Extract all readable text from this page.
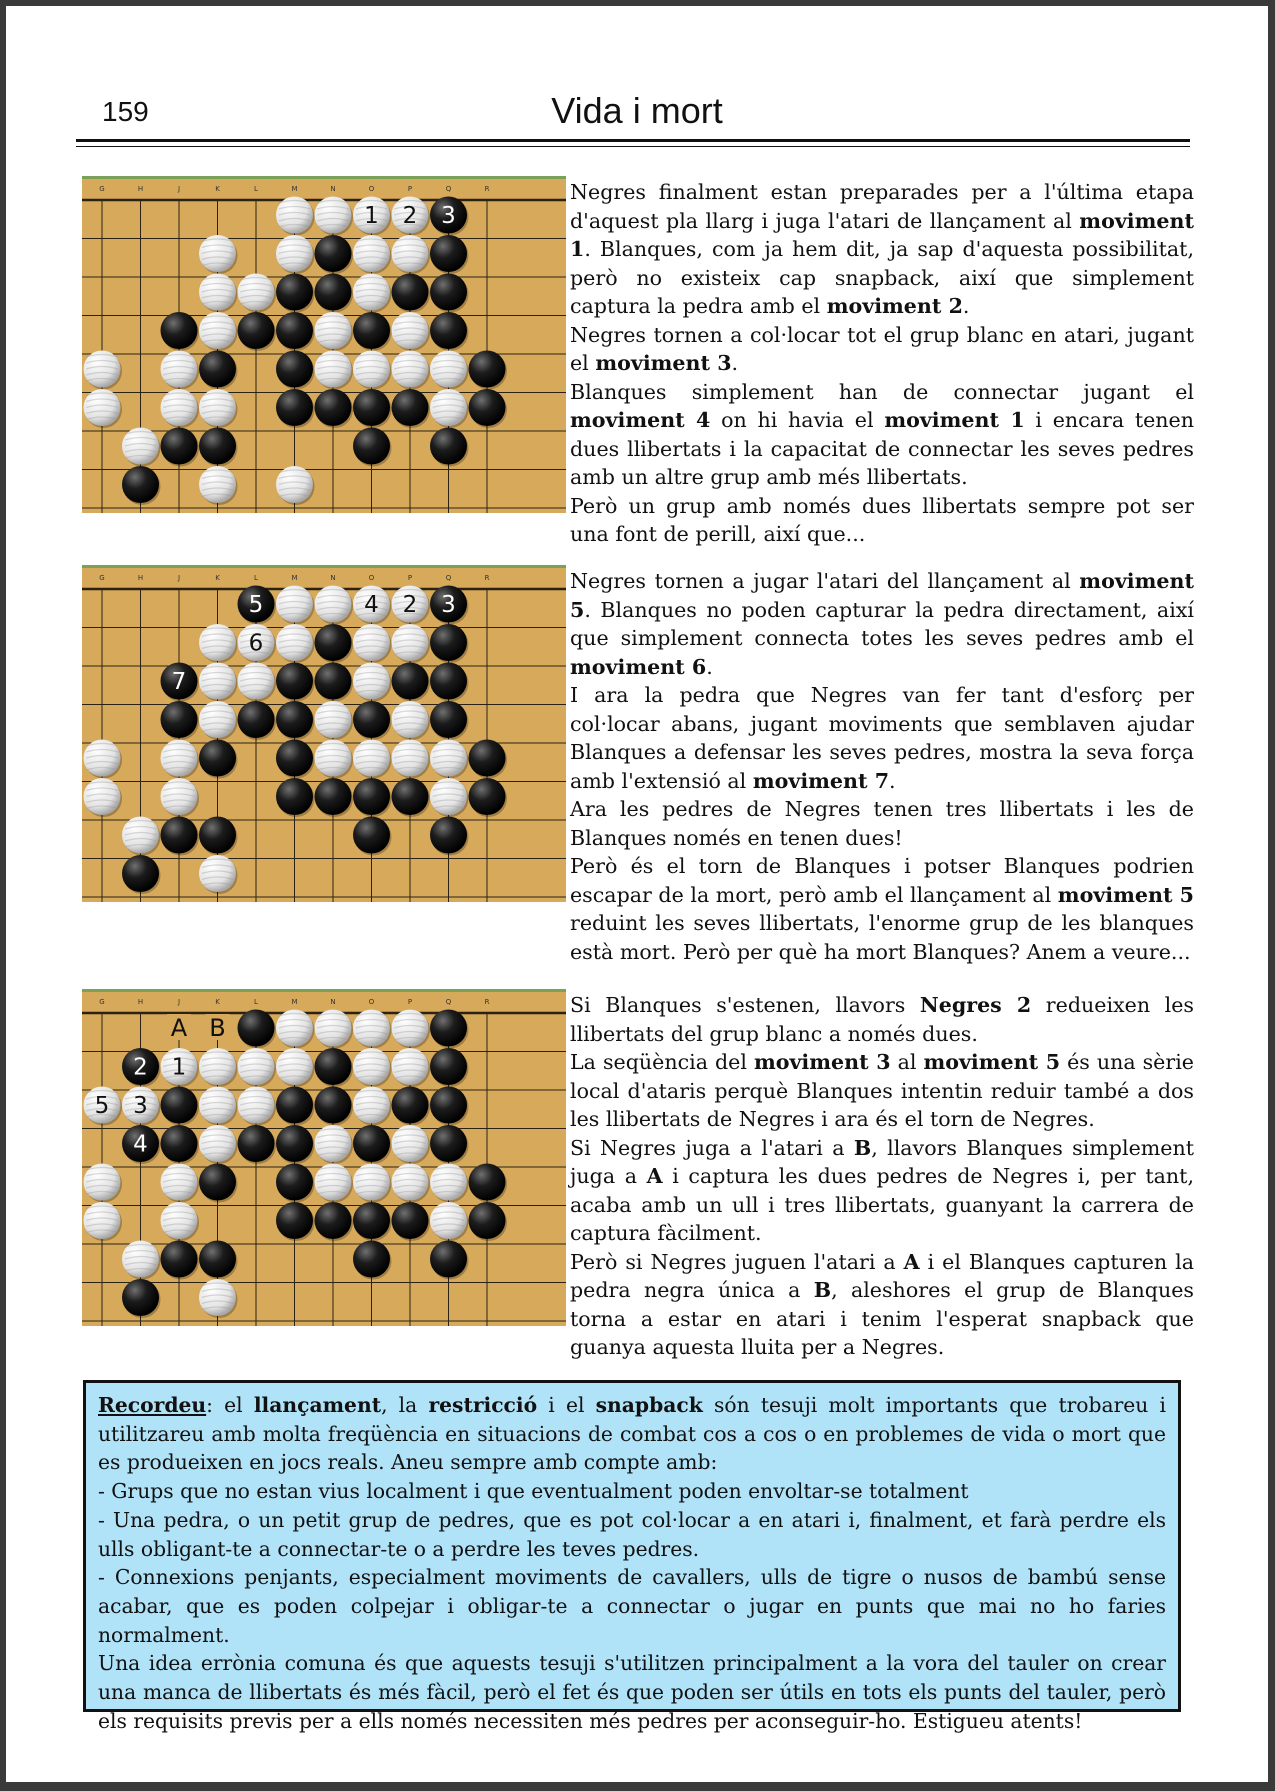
159	Vida i mort
G	H	J	K	L	M	N	O	P	Q	R
1 2 3
G	H	J	K	L	M	N	O	P	Q	R
5	4 2 3
6
7
G	H	J	K	L	M	N	O	P	Q	R
2 1
5 3
4
A B

Negres finalment estan preparades per a l'última etapa d'aquest pla llarg i juga l'atari de llançament al moviment 1. Blanques, com ja hem dit, ja sap d'aquesta possibilitat, però no existeix cap snapback, així que simplement captura la pedra amb el moviment 2.

Negres tornen a col·locar tot el grup blanc en atari, jugant el moviment 3.

Blanques simplement han de connectar jugant el moviment 4 on hi havia el moviment 1 i encara tenen dues llibertats i la capacitat de connectar les seves pedres amb un altre grup amb més llibertats.

Però un grup amb només dues llibertats sempre pot ser una font de perill, així que...

Negres tornen a jugar l'atari del llançament al moviment 5. Blanques no poden capturar la pedra directament, així que simplement connecta totes les seves pedres amb el moviment 6.

I ara la pedra que Negres van fer tant d'esforç per col·locar abans, jugant moviments que semblaven ajudar Blanques a defensar les seves pedres, mostra la seva força amb l'extensió al moviment 7.

Ara les pedres de Negres tenen tres llibertats i les de Blanques només en tenen dues!

Però és el torn de Blanques i potser Blanques podrien escapar de la mort, però amb el llançament al moviment 5 reduint les seves llibertats, l'enorme grup de les blanques està mort. Però per què ha mort Blanques? Anem a veure...

Si Blanques s'estenen, llavors Negres 2 redueixen les llibertats del grup blanc a només dues.

La seqüència del moviment 3 al moviment 5 és una sèrie local d'ataris perquè Blanques intentin reduir també a dos les llibertats de Negres i ara és el torn de Negres.

Si Negres juga a l'atari a B, llavors Blanques simplement juga a A i captura les dues pedres de Negres i, per tant, acaba amb un ull i tres llibertats, guanyant la carrera de captura fàcilment.

Però si Negres juguen l'atari a A i el Blanques capturen la pedra negra única a B, aleshores el grup de Blanques torna a estar en atari i tenim l'esperat snapback que guanya aquesta lluita per a Negres.

Recordeu: el llançament, la restricció i el snapback són tesuji molt importants que trobareu i utilitzareu amb molta freqüència en situacions de combat cos a cos o en problemes de vida o mort que es produeixen en jocs reals. Aneu sempre amb compte amb:

- Grups que no estan vius localment i que eventualment poden envoltar-se totalment

- Una pedra, o un petit grup de pedres, que es pot col·locar a en atari i, finalment, et farà perdre els ulls obligant-te a connectar-te o a perdre les teves pedres.

- Connexions penjants, especialment moviments de cavallers, ulls de tigre o nusos de bambú sense acabar, que es poden colpejar i obligar-te a connectar o jugar en punts que mai no ho faries normalment.

Una idea errònia comuna és que aquests tesuji s'utilitzen principalment a la vora del tauler on crear una manca de llibertats és més fàcil, però el fet és que poden ser útils en tots els punts del tauler, però els requisits previs per a ells només necessiten més pedres per aconseguir-ho. Estigueu atents!
